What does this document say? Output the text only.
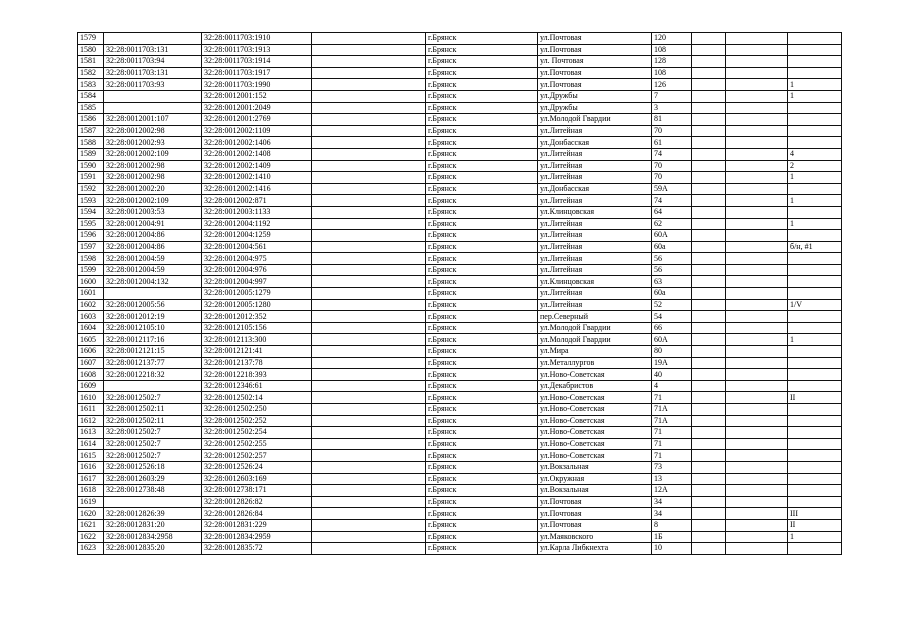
1579		32:28:0011703:1910		г.Брянск	ул.Почтовая	120			
1580	32:28:0011703:131	32:28:0011703:1913		г.Брянск	ул.Почтовая	108			
1581	32:28:0011703:94	32:28:0011703:1914		г.Брянск	ул. Почтовая	128			
1582	32:28:0011703:131	32:28:0011703:1917		г.Брянск	ул.Почтовая	108			
1583	32:28:0011703:93	32:28:0011703:1990		г.Брянск	ул.Почтовая	126			1
1584		32:28:0012001:152		г.Брянск	ул.Дружбы	7			1
1585		32:28:0012001:2049		г.Брянск	ул.Дружбы	3			
1586	32:28:0012001:107	32:28:0012001:2769		г.Брянск	ул.Молодой Гвардии	81			
1587	32:28:0012002:98	32:28:0012002:1109		г.Брянск	ул.Литейная	70			
1588	32:28:0012002:93	32:28:0012002:1406		г.Брянск	ул.Донбасская	61			
1589	32:28:0012002:109	32:28:0012002:1408		г.Брянск	ул.Литейная	74			4
1590	32:28:0012002:98	32:28:0012002:1409		г.Брянск	ул.Литейная	70			2
1591	32:28:0012002:98	32:28:0012002:1410		г.Брянск	ул.Литейная	70			1
1592	32:28:0012002:20	32:28:0012002:1416		г.Брянск	ул.Донбасская	59А			
1593	32:28:0012002:109	32:28:0012002:871		г.Брянск	ул.Литейная	74			1
1594	32:28:0012003:53	32:28:0012003:1133		г.Брянск	ул.Клинцовская	64			
1595	32:28:0012004:91	32:28:0012004:1192		г.Брянск	ул.Литейная	62			1
1596	32:28:0012004:86	32:28:0012004:1259		г.Брянск	ул.Литейная	60А			
1597	32:28:0012004:86	32:28:0012004:561		г.Брянск	ул.Литейная	60а			б/н, #1
1598	32:28:0012004:59	32:28:0012004:975		г.Брянск	ул.Литейная	56			
1599	32:28:0012004:59	32:28:0012004:976		г.Брянск	ул.Литейная	56			
1600	32:28:0012004:132	32:28:0012004:997		г.Брянск	ул.Клинцовская	63			
1601		32:28:0012005:1279		г.Брянск	ул.Литейная	60а			
1602	32:28:0012005:56	32:28:0012005:1280		г.Брянск	ул.Литейная	52			1/V
1603	32:28:0012012:19	32:28:0012012:352		г.Брянск	пер.Северный	54			
1604	32:28:0012105:10	32:28:0012105:156		г.Брянск	ул.Молодой Гвардии	66			
1605	32:28:0012117:16	32:28:0012113:300		г.Брянск	ул.Молодой Гвардии	60А			1
1606	32:28:0012121:15	32:28:0012121:41		г.Брянск	ул.Мира	80			
1607	32:28:0012137:77	32:28:0012137:78		г.Брянск	ул.Металлургов	19А			
1608	32:28:0012218:32	32:28:0012218:393		г.Брянск	ул.Ново-Советская	40			
1609		32:28:0012346:61		г.Брянск	ул.Декабристов	4			
1610	32:28:0012502:7	32:28:0012502:14		г.Брянск	ул.Ново-Советская	71			II
1611	32:28:0012502:11	32:28:0012502:250		г.Брянск	ул.Ново-Советская	71А			
1612	32:28:0012502:11	32:28:0012502:252		г.Брянск	ул.Ново-Советская	71А			
1613	32:28:0012502:7	32:28:0012502:254		г.Брянск	ул.Ново-Советская	71			
1614	32:28:0012502:7	32:28:0012502:255		г.Брянск	ул.Ново-Советская	71			
1615	32:28:0012502:7	32:28:0012502:257		г.Брянск	ул.Ново-Советская	71			
1616	32:28:0012526:18	32:28:0012526:24		г.Брянск	ул.Вокзальная	73			
1617	32:28:0012603:29	32:28:0012603:169		г.Брянск	ул.Окружная	13			
1618	32:28:0012738:48	32:28:0012738:171		г.Брянск	ул.Вокзальная	12А			
1619		32:28:0012826:82		г.Брянск	ул.Почтовая	34			
1620	32:28:0012826:39	32:28:0012826:84		г.Брянск	ул.Почтовая	34			III
1621	32:28:0012831:20	32:28:0012831:229		г.Брянск	ул.Почтовая	8			II
1622	32:28:0012834:2958	32:28:0012834:2959		г.Брянск	ул.Маяковского	1Б			1
1623	32:28:0012835:20	32:28:0012835:72		г.Брянск	ул.Карла Либкнехта	10			
